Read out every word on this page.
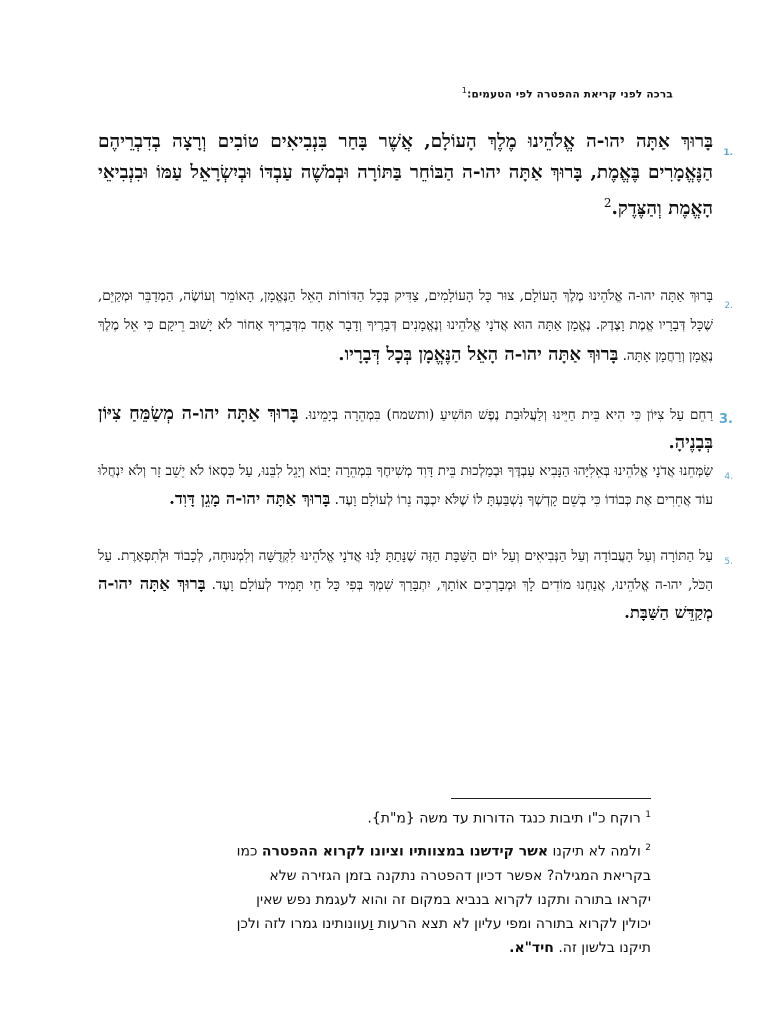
ברכה לפני קריאת ההפטרה לפי הטעמים:$^1$
1.
בָּרוּךְ אַתָּה יהו-ה אֱלֹהֵינוּ מֶלֶךְ הָעוֹלָם, אֲשֶׁר בָּחַר בִּנְבִיאִים טוֹבִים וְרָצָה בְדִבְרֵיהֶם הַנֶּאֱמָרִים בֶּאֱמֶת, בָּרוּךְ אַתָּה יהו-ה הַבּוֹחֵר בַּתּוֹרָה וּבְמֹשֶׁה עַבְדּוֹ וּבְיִשְׂרָאֵל עַמּוֹ וּבִנְבִיאֵי הָאֱמֶת וְהַצֶּדֶק.$^2$
2.
בָּרוּךְ אַתָּה יהו-ה אֱלֹהֵינוּ מֶלֶךְ הָעוֹלָם, צוּר כָּל הָעוֹלָמִים, צַדִּיק בְּכָל הַדּוֹרוֹת הָאֵל הַנֶּאֱמָן, הָאוֹמֵר וְעוֹשֶׂה, הַמְדַבֵּר וּמְקַיֵּם, שֶׁכָּל דְּבָרָיו אֱמֶת וָצֶדֶק. נֶאֱמָן אַתָּה הוּא אֲדֹנָי אֱלֹהֵינוּ וְנֶאֱמָנִים דְּבָרֶיךָ וְדָבָר אֶחָד מִדְּבָרֶיךָ אָחוֹר לֹא יָשׁוּב רֵיקָם כִּי אֵל מֶלֶךְ נֶאֱמָן וְרַחֲמָן אָתָּה. בָּרוּךְ אַתָּה יהו-ה הָאֵל הַנֶּאֱמָן בְּכָל דְּבָרָיו.
3.
רַחֵם עַל צִיּוֹן כִּי הִיא בֵּית חַיֵּינוּ וְלַעֲלוּבַת נֶפֶשׁ תּוֹשִׁיעַ (ותשמח) בִּמְהֵרָה בְיָמֵינוּ. בָּרוּךְ אַתָּה יהו-ה מְשַׂמֵּחַ צִיּוֹן בְּבָנֶיהָ.
4.
שַׂמְּחֵנוּ אֲדֹנָי אֱלֹהֵינוּ בְּאֵלִיָּהוּ הַנָּבִיא עַבְדֶּךָ וּבְמַלְכוּת בֵּית דָּוִד מְשִׁיחֶךָ בִּמְהֵרָה יָבוֹא וְיָגֵל לִבֵּנוּ, עַל כִּסְאוֹ לֹא יֵשֵׁב זָר וְלֹא יִנְחֲלוּ עוֹד אֲחֵרִים אֶת כְּבוֹדוֹ כִּי בְשֵׁם קָדְשְׁךָ נִשְׁבַּעְתָּ לוֹ שֶׁלֹּא יִכְבֶּה נֵרוֹ לְעוֹלָם וָעֶד. בָּרוּךְ אַתָּה יהו-ה מָגֵן דָּוִד.
5.
עַל הַתּוֹרָה וְעַל הָעֲבוֹדָה וְעַל הַנְּבִיאִים וְעַל יוֹם הַשַּׁבָּת הַזֶּה שֶׁנָּתַתָּ לָּנוּ אֲדֹנָי אֱלֹהֵינוּ לִקְדֻשָּׁה וְלִמְנוּחָה, לְכָבוֹד וּלְתִפְאָרֶת. עַל הַכֹּל, יהו-ה אֱלֹהֵינוּ, אֲנַחְנוּ מוֹדִים לָךְ וּמְבָרְכִים אוֹתָךְ, יִתְבָּרַךְ שִׁמְךָ בְּפִי כָּל חַי תָּמִיד לְעוֹלָם וָעֶד. בָּרוּךְ אַתָּה יהו-ה מְקַדֵּשׁ הַשַּׁבָּת.
$^1$ רוקח כ"ו תיבות כנגד הדורות עד משה {מ"ת}.
$^2$ ולמה לא תיקנו אשר קידשנו במצוותיו וציונו לקרוא ההפטרה כמו בקריאת המגילה? אפשר דכיון דהפטרה נתקנה בזמן הגזירה שלא יקראו בתורה ותקנו לקרוא בנביא במקום זה והוא לעגמת נפש שאין יכולין לקרוא בתורה ומפי עליון לא תצא הרעות וַעוונותינו גמרו לזה ולכן תיקנו בלשון זה. חיד"א.
